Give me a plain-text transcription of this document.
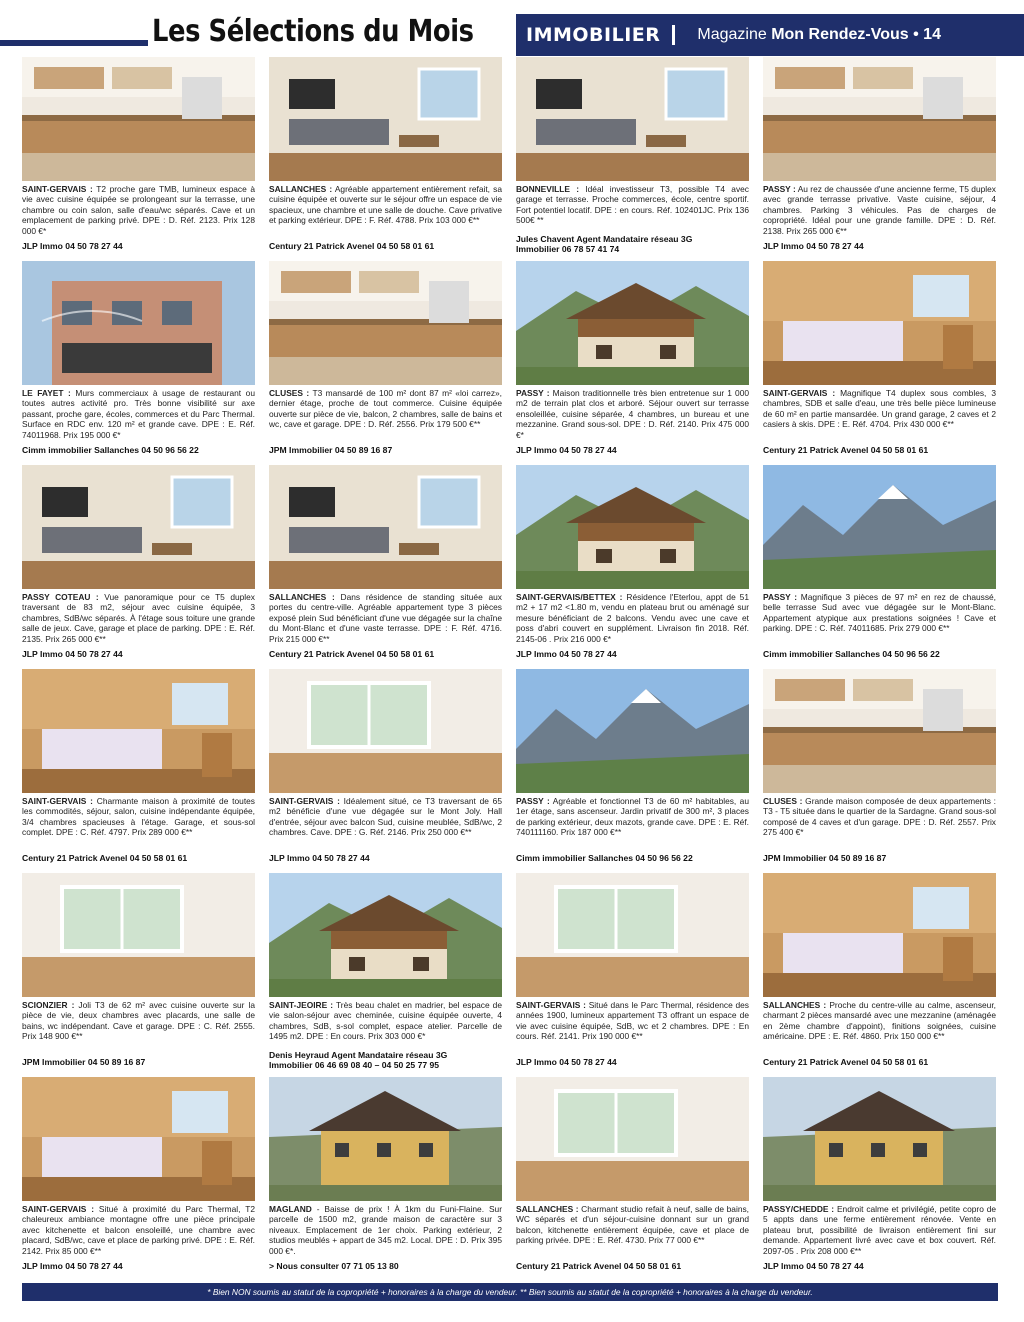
Les Sélections du Mois	IMMOBILIER Magazine Mon Rendez-Vous • 14
SAINT-GERVAIS : T2 proche gare TMB, lumineux espace à vie avec cuisine équipée se prolongeant sur la terrasse, une chambre ou coin salon, salle d'eau/wc séparés. Cave et un emplacement de parking privé. DPE : D. Réf. 2123. Prix 128 000 €*
JLP Immo 04 50 78 27 44
SALLANCHES : Agréable appartement entièrement refait, sa cuisine équipée et ouverte sur le séjour offre un espace de vie spacieux, une chambre et une salle de douche. Cave privative et parking extérieur. DPE : F. Réf. 4788. Prix 103 000 €**
Century 21 Patrick Avenel 04 50 58 01 61
BONNEVILLE : Idéal investisseur T3, possible T4 avec garage et terrasse. Proche commerces, école, centre sportif. Fort potentiel locatif. DPE : en cours. Réf. 102401JC. Prix 136 500€ **
Jules Chavent Agent Mandataire réseau 3G
Immobilier 06 78 57 41 74
PASSY : Au rez de chaussée d'une ancienne ferme, T5 duplex avec grande terrasse privative. Vaste cuisine, séjour, 4 chambres. Parking 3 véhicules. Pas de charges de copropriété. Idéal pour une grande famille. DPE : D. Réf. 2138. Prix 265 000 €**
JLP Immo 04 50 78 27 44
LE FAYET : Murs commerciaux à usage de restaurant ou toutes autres activité pro. Très bonne visibilité sur axe passant, proche gare, écoles, commerces et du Parc Thermal. Surface en RDC env. 120 m² et grande cave. DPE : E. Réf. 74011968. Prix 195 000 €*
Cimm immobilier Sallanches 04 50 96 56 22
CLUSES : T3 mansardé de 100 m² dont 87 m² «loi carrez», dernier étage, proche de tout commerce. Cuisine équipée ouverte sur pièce de vie, balcon, 2 chambres, salle de bains et wc, cave et garage. DPE : D. Réf. 2556. Prix 179 500 €**
JPM Immobilier 04 50 89 16 87
PASSY : Maison traditionnelle très bien entretenue sur 1 000 m2 de terrain plat clos et arboré. Séjour ouvert sur terrasse ensoleillée, cuisine séparée, 4 chambres, un bureau et une mezzanine. Grand sous-sol. DPE : D. Réf. 2140. Prix 475 000 €*
JLP Immo 04 50 78 27 44
SAINT-GERVAIS : Magnifique T4 duplex sous combles, 3 chambres, SDB et salle d'eau, une très belle pièce lumineuse de 60 m² en partie mansardée. Un grand garage, 2 caves et 2 casiers à skis. DPE : E. Réf. 4704. Prix 430 000 €**
Century 21 Patrick Avenel 04 50 58 01 61
PASSY COTEAU : Vue panoramique pour ce T5 duplex traversant de 83 m2, séjour avec cuisine équipée, 3 chambres, SdB/wc séparés. À l'étage sous toiture une grande salle de jeux. Cave, garage et place de parking. DPE : E. Réf. 2135. Prix 265 000 €**
JLP Immo 04 50 78 27 44
SALLANCHES : Dans résidence de standing située aux portes du centre-ville. Agréable appartement type 3 pièces exposé plein Sud bénéficiant d'une vue dégagée sur la chaîne du Mont-Blanc et d'une vaste terrasse. DPE : F. Réf. 4716. Prix 215 000 €**
Century 21 Patrick Avenel 04 50 58 01 61
SAINT-GERVAIS/BETTEX : Résidence l'Eterlou, appt de 51 m2 + 17 m2 <1.80 m, vendu en plateau brut ou aménagé sur mesure bénéficiant de 2 balcons. Vendu avec une cave et poss d'abri couvert en supplément. Livraison fin 2018. Réf. 2145-06 . Prix 216 000 €*
JLP Immo 04 50 78 27 44
PASSY : Magnifique 3 pièces de 97 m² en rez de chaussé, belle terrasse Sud avec vue dégagée sur le Mont-Blanc. Appartement atypique aux prestations soignées ! Cave et parking. DPE : C. Réf. 74011685. Prix 279 000 €**
Cimm immobilier Sallanches 04 50 96 56 22
SAINT-GERVAIS : Charmante maison à proximité de toutes les commodités, séjour, salon, cuisine indépendante équipée, 3/4 chambres spacieuses à l'étage. Garage, et sous-sol complet. DPE : C. Réf. 4797. Prix 289 000 €**
Century 21 Patrick Avenel 04 50 58 01 61
SAINT-GERVAIS : Idéalement situé, ce T3 traversant de 65 m2 bénéficie d'une vue dégagée sur le Mont Joly. Hall d'entrée, séjour avec balcon Sud, cuisine meublée, SdB/wc, 2 chambres. Cave. DPE : G. Réf. 2146. Prix 250 000 €**
JLP Immo 04 50 78 27 44
PASSY : Agréable et fonctionnel T3 de 60 m² habitables, au 1er étage, sans ascenseur. Jardin privatif de 300 m², 3 places de parking extérieur, deux mazots, grande cave. DPE : E. Réf. 740111160. Prix 187 000 €**
Cimm immobilier Sallanches 04 50 96 56 22
CLUSES : Grande maison composée de deux appartements : T3 - T5 située dans le quartier de la Sardagne. Grand sous-sol composé de 4 caves et d'un garage. DPE : D. Réf. 2557. Prix 275 400 €*
JPM Immobilier 04 50 89 16 87
SCIONZIER : Joli T3 de 62 m² avec cuisine ouverte sur la pièce de vie, deux chambres avec placards, une salle de bains, wc indépendant. Cave et garage. DPE : C. Réf. 2555. Prix 148 900 €**
JPM Immobilier 04 50 89 16 87
SAINT-JEOIRE : Très beau chalet en madrier, bel espace de vie salon-séjour avec cheminée, cuisine équipée ouverte, 4 chambres, SdB, s-sol complet, espace atelier. Parcelle de 1495 m2. DPE : En cours. Prix 303 000 €*
Denis Heyraud Agent Mandataire réseau 3G
Immobilier 06 46 69 08 40 – 04 50 25 77 95
SAINT-GERVAIS : Situé dans le Parc Thermal, résidence des années 1900, lumineux appartement T3 offrant un espace de vie avec cuisine équipée, SdB, wc et 2 chambres. DPE : En cours. Réf. 2141. Prix 190 000 €**
JLP Immo 04 50 78 27 44
SALLANCHES : Proche du centre-ville au calme, ascenseur, charmant 2 pièces mansardé avec une mezzanine (aménagée en 2ème chambre d'appoint), finitions soignées, cuisine américaine. DPE : E. Réf. 4860. Prix 150 000 €**
Century 21 Patrick Avenel 04 50 58 01 61
SAINT-GERVAIS : Situé à proximité du Parc Thermal, T2 chaleureux ambiance montagne offre une pièce principale avec kitchenette et balcon ensoleillé, une chambre avec placard, SdB/wc, cave et place de parking privé. DPE : E. Réf. 2142. Prix 85 000 €**
JLP Immo 04 50 78 27 44
MAGLAND - Baisse de prix ! À 1km du Funi-Flaine. Sur parcelle de 1500 m2, grande maison de caractère sur 3 niveaux. Emplacement de 1er choix. Parking extérieur, 2 studios meublés + appart de 345 m2. Local. DPE : D. Prix 395 000 €*.
> Nous consulter 07 71 05 13 80
SALLANCHES : Charmant studio refait à neuf, salle de bains, WC séparés et d'un séjour-cuisine donnant sur un grand balcon, kitchenette entièrement équipée, cave et place de parking privée. DPE : E. Réf. 4730. Prix 77 000 €**
Century 21 Patrick Avenel 04 50 58 01 61
PASSY/CHEDDE : Endroit calme et privilégié, petite copro de 5 appts dans une ferme entièrement rénovée. Vente en plateau brut, possibilité de livraison entièrement fini sur demande. Appartement livré avec cave et box couvert. Réf. 2097-05 . Prix 208 000 €**
JLP Immo 04 50 78 27 44
* Bien NON soumis au statut de la copropriété + honoraires à la charge du vendeur. ** Bien soumis au statut de la copropriété + honoraires à la charge du vendeur.
